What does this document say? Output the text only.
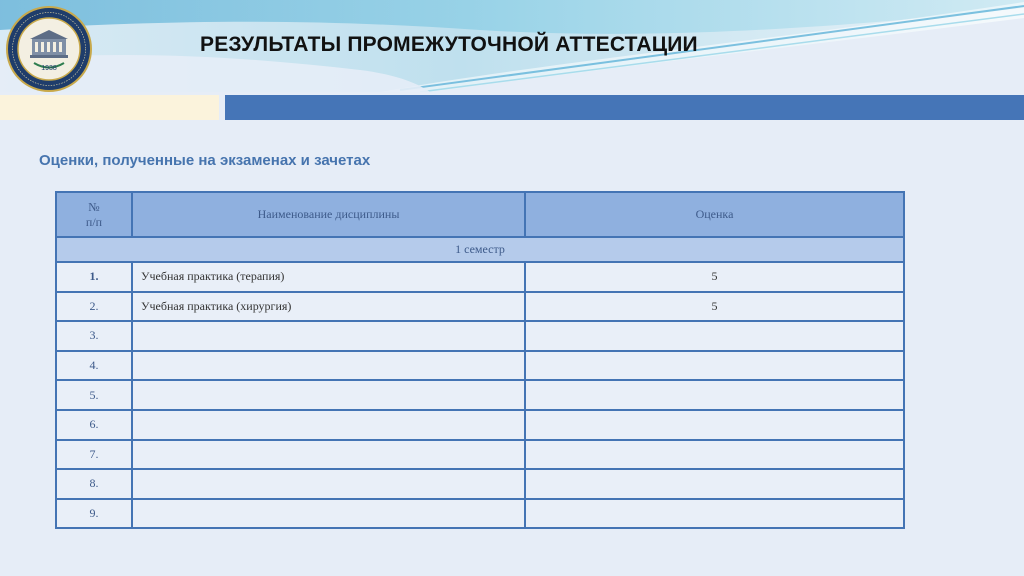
1938
РЕЗУЛЬТАТЫ ПРОМЕЖУТОЧНОЙ АТТЕСТАЦИИ
Оценки, полученные на экзаменах и зачетах
№
п/п	Наименование дисциплины	Оценка
1 семестр		
1.	Учебная практика (терапия)	5
2.	Учебная практика (хирургия)	5
3.		
4.		
5.		
6.		
7.		
8.		
9.		
